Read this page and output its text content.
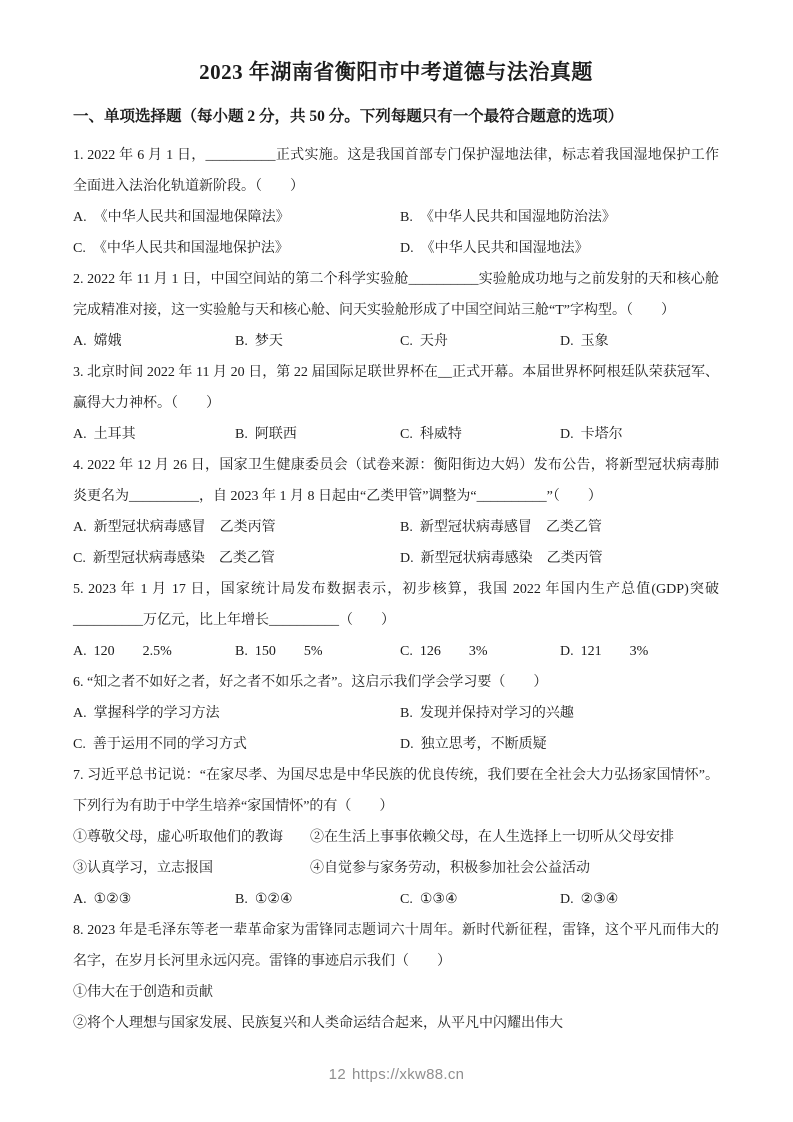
2023 年湖南省衡阳市中考道德与法治真题

一、单项选择题（每小题 2 分，共 50 分。下列每题只有一个最符合题意的选项）

1. 2022 年 6 月 1 日，__________正式实施。这是我国首部专门保护湿地法律，标志着我国湿地保护工作全面进入法治化轨道新阶段。（　　）

A. 《中华人民共和国湿地保障法》	B. 《中华人民共和国湿地防治法》
C. 《中华人民共和国湿地保护法》	D. 《中华人民共和国湿地法》

2. 2022 年 11 月 1 日，中国空间站的第二个科学实验舱__________实验舱成功地与之前发射的天和核心舱完成精准对接，这一实验舱与天和核心舱、问天实验舱形成了中国空间站三舱“T”字构型。（　　）

A. 嫦娥	B. 梦天	C. 天舟	D. 玉象

3. 北京时间 2022 年 11 月 20 日，第 22 届国际足联世界杯在__正式开幕。本届世界杯阿根廷队荣获冠军、赢得大力神杯。（　　）

A. 土耳其	B. 阿联西	C. 科威特	D. 卡塔尔

4. 2022 年 12 月 26 日，国家卫生健康委员会（试卷来源：衡阳街边大妈）发布公告，将新型冠状病毒肺炎更名为__________，自 2023 年 1 月 8 日起由“乙类甲管”调整为“__________”（　　）

A. 新型冠状病毒感冒　乙类丙管	B. 新型冠状病毒感冒　乙类乙管
C. 新型冠状病毒感染　乙类乙管	D. 新型冠状病毒感染　乙类丙管

5. 2023 年 1 月 17 日，国家统计局发布数据表示，初步核算，我国 2022 年国内生产总值(GDP)突破__________万亿元，比上年增长__________（　　）

A. 120　　2.5%	B. 150　　5%	C. 126　　3%	D. 121　　3%

6. “知之者不如好之者，好之者不如乐之者”。这启示我们学会学习要（　　）

A. 掌握科学的学习方法	B. 发现并保持对学习的兴趣
C. 善于运用不同的学习方式	D. 独立思考，不断质疑

7. 习近平总书记说：“在家尽孝、为国尽忠是中华民族的优良传统，我们要在全社会大力弘扬家国情怀”。下列行为有助于中学生培养“家国情怀”的有（　　）

①尊敬父母，虚心听取他们的教诲	②在生活上事事依赖父母，在人生选择上一切听从父母安排
③认真学习，立志报国	④自觉参与家务劳动，积极参加社会公益活动
A. ①②③	B. ①②④	C. ①③④	D. ②③④

8. 2023 年是毛泽东等老一辈革命家为雷锋同志题词六十周年。新时代新征程，雷锋，这个平凡而伟大的名字，在岁月长河里永远闪亮。雷锋的事迹启示我们（　　）

①伟大在于创造和贡献
②将个人理想与国家发展、民族复兴和人类命运结合起来，从平凡中闪耀出伟大
12 https://xkw88.cn
